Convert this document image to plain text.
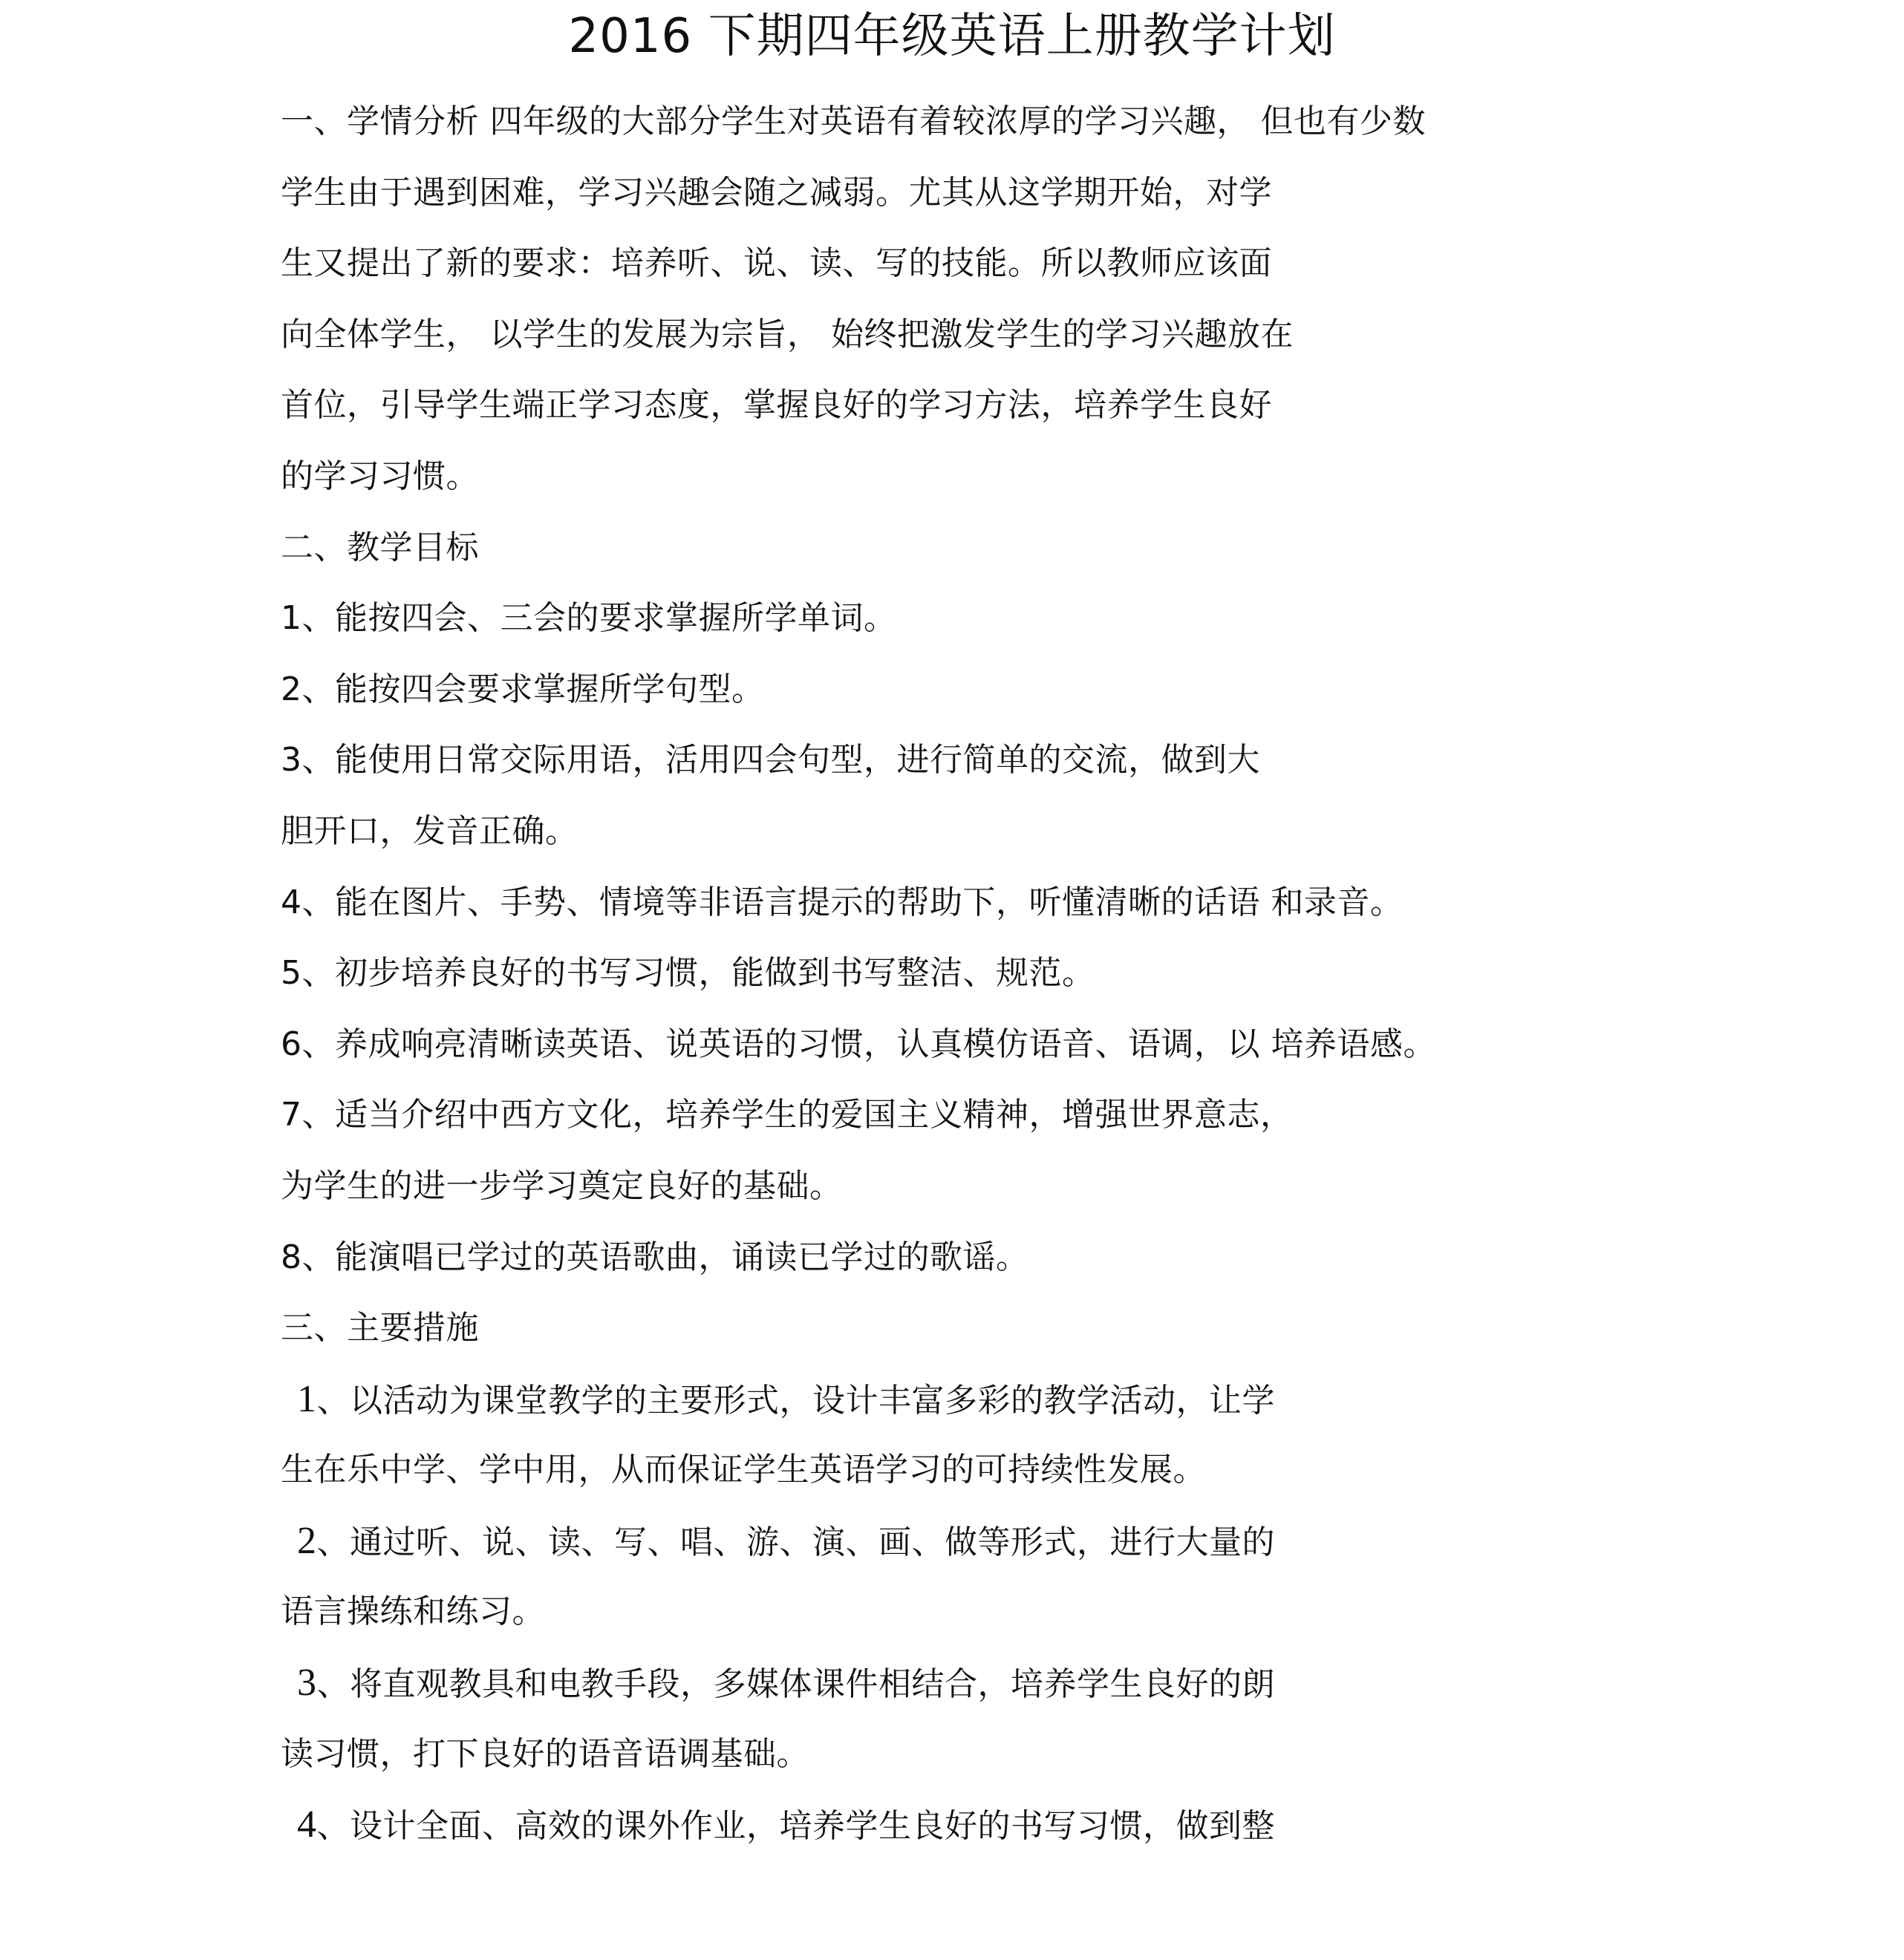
2016 下期四年级英语上册教学计划
一、学情分析 四年级的大部分学生对英语有着较浓厚的学习兴趣， 但也有少数
学生由于遇到困难，学习兴趣会随之减弱。尤其从这学期开始，对学
生又提出了新的要求：培养听、说、读、写的技能。所以教师应该面
向全体学生， 以学生的发展为宗旨， 始终把激发学生的学习兴趣放在
首位，引导学生端正学习态度，掌握良好的学习方法，培养学生良好
的学习习惯。
二、教学目标
1、能按四会、三会的要求掌握所学单词。
2、能按四会要求掌握所学句型。
3、能使用日常交际用语，活用四会句型，进行简单的交流，做到大
胆开口，发音正确。
4、能在图片、手势、情境等非语言提示的帮助下，听懂清晰的话语 和录音。
5、初步培养良好的书写习惯，能做到书写整洁、规范。
6、养成响亮清晰读英语、说英语的习惯，认真模仿语音、语调，以 培养语感。
7、适当介绍中西方文化，培养学生的爱国主义精神，增强世界意志，
为学生的进一步学习奠定良好的基础。
8、能演唱已学过的英语歌曲，诵读已学过的歌谣。
三、主要措施
1、以活动为课堂教学的主要形式，设计丰富多彩的教学活动，让学
生在乐中学、学中用，从而保证学生英语学习的可持续性发展。
2、通过听、说、读、写、唱、游、演、画、做等形式，进行大量的
语言操练和练习。
3、将直观教具和电教手段，多媒体课件相结合，培养学生良好的朗
读习惯，打下良好的语音语调基础。
4、设计全面、高效的课外作业，培养学生良好的书写习惯，做到整
